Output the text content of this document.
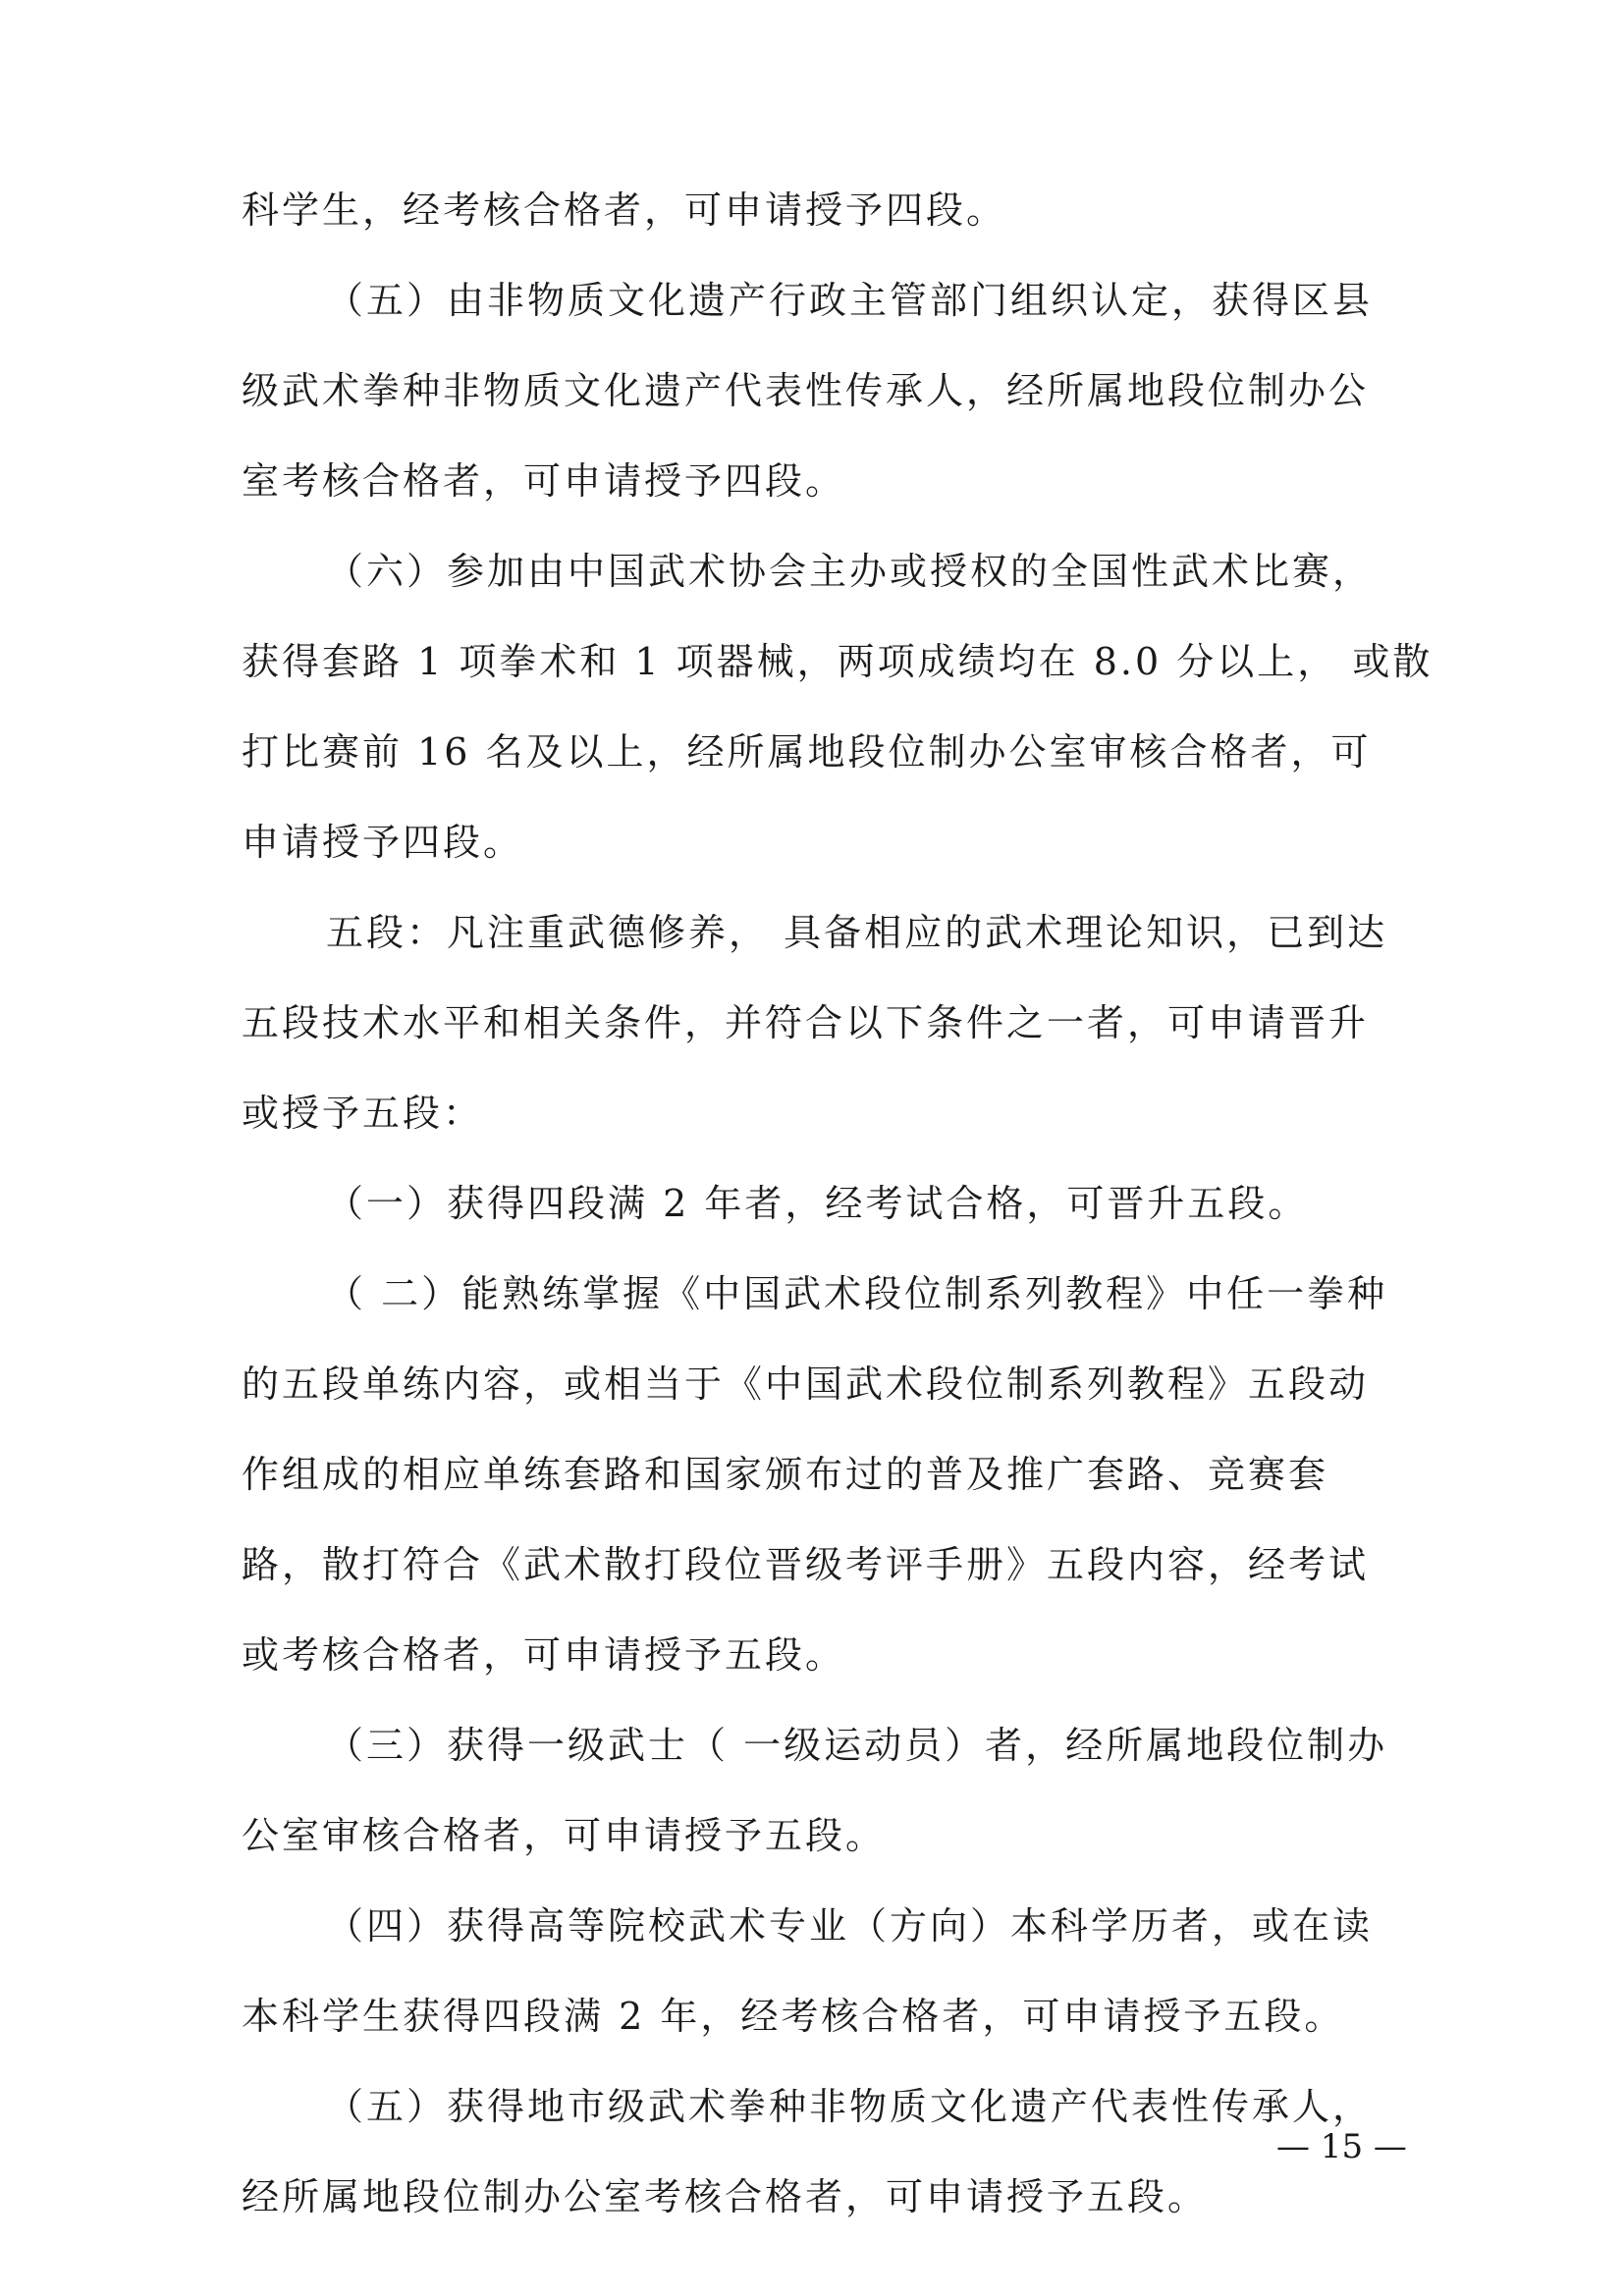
科学生，经考核合格者，可申请授予四段。
（五）由非物质文化遗产行政主管部门组织认定，获得区县
级武术拳种非物质文化遗产代表性传承人，经所属地段位制办公
室考核合格者，可申请授予四段。
（六）参加由中国武术协会主办或授权的全国性武术比赛，
获得套路 1 项拳术和 1 项器械，两项成绩均在 8.0 分以上， 或散
打比赛前 16 名及以上，经所属地段位制办公室审核合格者，可
申请授予四段。
五段：凡注重武德修养， 具备相应的武术理论知识，已到达
五段技术水平和相关条件，并符合以下条件之一者，可申请晋升
或授予五段：
（一）获得四段满 2 年者，经考试合格，可晋升五段。
（ 二）能熟练掌握《中国武术段位制系列教程》中任一拳种
的五段单练内容，或相当于《中国武术段位制系列教程》五段动
作组成的相应单练套路和国家颁布过的普及推广套路、竞赛套
路，散打符合《武术散打段位晋级考评手册》五段内容，经考试
或考核合格者，可申请授予五段。
（三）获得一级武士（ 一级运动员）者，经所属地段位制办
公室审核合格者，可申请授予五段。
（四）获得高等院校武术专业（方向）本科学历者，或在读
本科学生获得四段满 2 年，经考核合格者，可申请授予五段。
（五）获得地市级武术拳种非物质文化遗产代表性传承人，
经所属地段位制办公室考核合格者，可申请授予五段。
— 15 —
